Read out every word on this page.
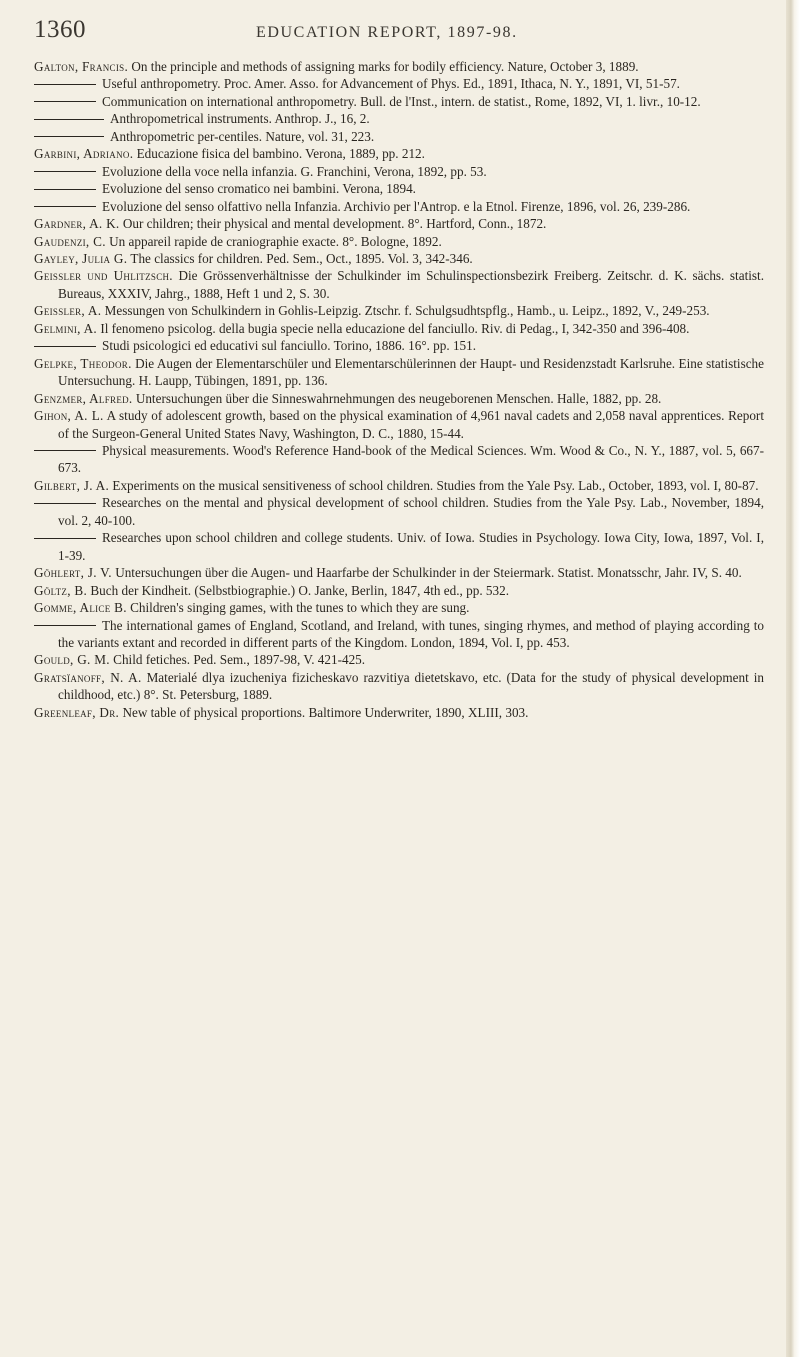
1360	EDUCATION REPORT, 1897-98.
Galton, Francis. On the principle and methods of assigning marks for bodily efficiency. Nature, October 3, 1889.
Useful anthropometry. Proc. Amer. Asso. for Advancement of Phys. Ed., 1891, Ithaca, N. Y., 1891, VI, 51-57.
Communication on international anthropometry. Bull. de l'Inst., intern. de statist., Rome, 1892, VI, 1. livr., 10-12.
Anthropometrical instruments. Anthrop. J., 16, 2.
Anthropometric per-centiles. Nature, vol. 31, 223.
Garbini, Adriano. Educazione fisica del bambino. Verona, 1889, pp. 212.
Evoluzione della voce nella infanzia. G. Franchini, Verona, 1892, pp. 53.
Evoluzione del senso cromatico nei bambini. Verona, 1894.
Evoluzione del senso olfattivo nella Infanzia. Archivio per l'Antrop. e la Etnol. Firenze, 1896, vol. 26, 239-286.
Gardner, A. K. Our children; their physical and mental development. 8°. Hartford, Conn., 1872.
Gaudenzi, C. Un appareil rapide de craniographie exacte. 8°. Bologne, 1892.
Gayley, Julia G. The classics for children. Ped. Sem., Oct., 1895. Vol. 3, 342-346.
Geissler und Uhlitzsch. Die Grössenverhältnisse der Schulkinder im Schulinspectionsbezirk Freiberg. Zeitschr. d. K. sächs. statist. Bureaus, XXXIV, Jahrg., 1888, Heft 1 und 2, S. 30.
Geissler, A. Messungen von Schulkindern in Gohlis-Leipzig. Ztschr. f. Schulgsudhtspflg., Hamb., u. Leipz., 1892, V., 249-253.
Gelmini, A. Il fenomeno psicolog. della bugia specie nella educazione del fanciullo. Riv. di Pedag., I, 342-350 and 396-408.
Studi psicologici ed educativi sul fanciullo. Torino, 1886. 16°. pp. 151.
Gelpke, Theodor. Die Augen der Elementarschüler und Elementarschülerinnen der Haupt- und Residenzstadt Karlsruhe. Eine statistische Untersuchung. H. Laupp, Tübingen, 1891, pp. 136.
Genzmer, Alfred. Untersuchungen über die Sinneswahrnehmungen des neugeborenen Menschen. Halle, 1882, pp. 28.
Gihon, A. L. A study of adolescent growth, based on the physical examination of 4,961 naval cadets and 2,058 naval apprentices. Report of the Surgeon-General United States Navy, Washington, D. C., 1880, 15-44.
Physical measurements. Wood's Reference Hand-book of the Medical Sciences. Wm. Wood & Co., N. Y., 1887, vol. 5, 667-673.
Gilbert, J. A. Experiments on the musical sensitiveness of school children. Studies from the Yale Psy. Lab., October, 1893, vol. I, 80-87.
Researches on the mental and physical development of school children. Studies from the Yale Psy. Lab., November, 1894, vol. 2, 40-100.
Researches upon school children and college students. Univ. of Iowa. Studies in Psychology. Iowa City, Iowa, 1897, Vol. I, 1-39.
Göhlert, J. V. Untersuchungen über die Augen- und Haarfarbe der Schulkinder in der Steiermark. Statist. Monatsschr, Jahr. IV, S. 40.
Göltz, B. Buch der Kindheit. (Selbstbiographie.) O. Janke, Berlin, 1847, 4th ed., pp. 532.
Gomme, Alice B. Children's singing games, with the tunes to which they are sung.
The international games of England, Scotland, and Ireland, with tunes, singing rhymes, and method of playing according to the variants extant and recorded in different parts of the Kingdom. London, 1894, Vol. I, pp. 453.
Gould, G. M. Child fetiches. Ped. Sem., 1897-98, V. 421-425.
Gratsïanoff, N. A. Materialé dlya izucheniya fizicheskavo razvitiya dietetskavo, etc. (Data for the study of physical development in childhood, etc.) 8°. St. Petersburg, 1889.
Greenleaf, Dr. New table of physical proportions. Baltimore Underwriter, 1890, XLIII, 303.
